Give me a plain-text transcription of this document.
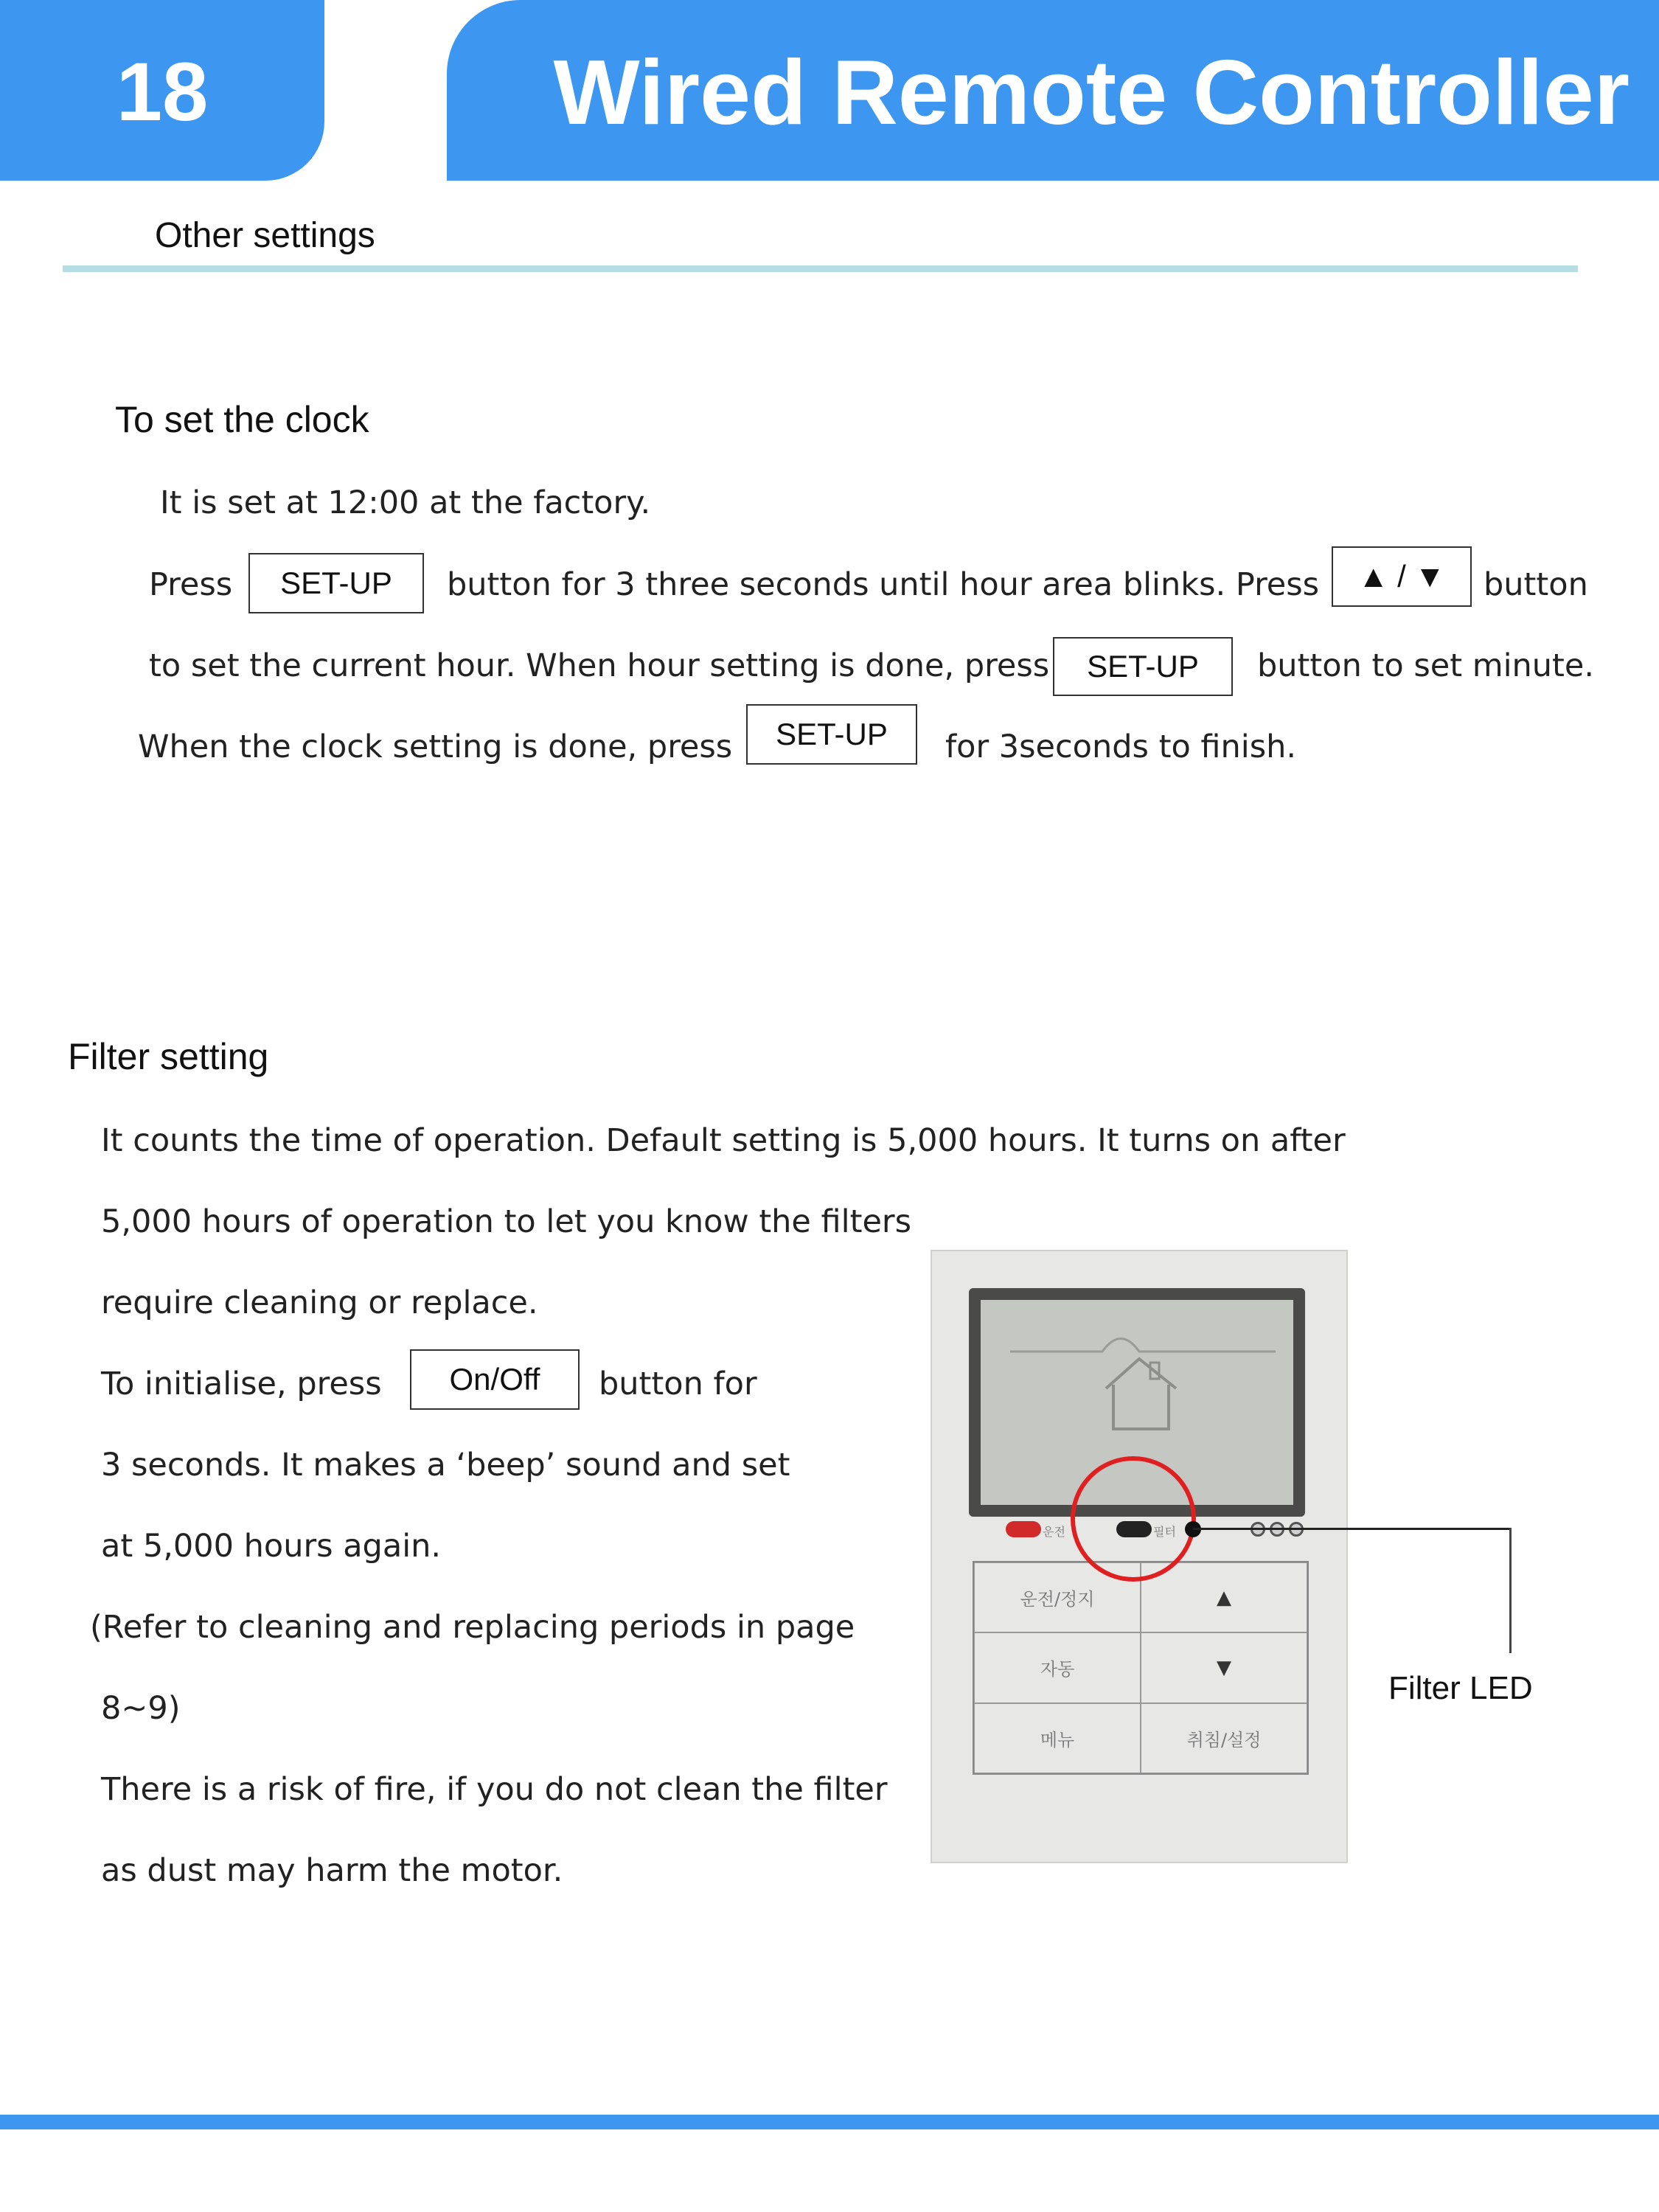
18	Wired Remote Controller
Other settings
To set the clock
It is set at 12:00 at the factory.
Press	SET-UP	button for 3 three seconds until hour area blinks. Press	▲ / ▼	button
to set the current hour. When hour setting is done, press	SET-UP	button to set minute.
When the clock setting is done, press	SET-UP	for 3seconds to finish.
Filter setting
It counts the time of operation. Default setting is 5,000 hours. It turns on after
5,000 hours of operation to let you know the filters
require cleaning or replace.
To initialise, press	On/Off	button for
3 seconds. It makes a ‘beep’ sound and set
at 5,000 hours again.
(Refer to cleaning and replacing periods in page
8~9)
There is a risk of fire, if you do not clean the filter
as dust may harm the motor.
운전	필터
운전/정지	▲
자동	▼
메뉴	취침/설정
Filter LED
